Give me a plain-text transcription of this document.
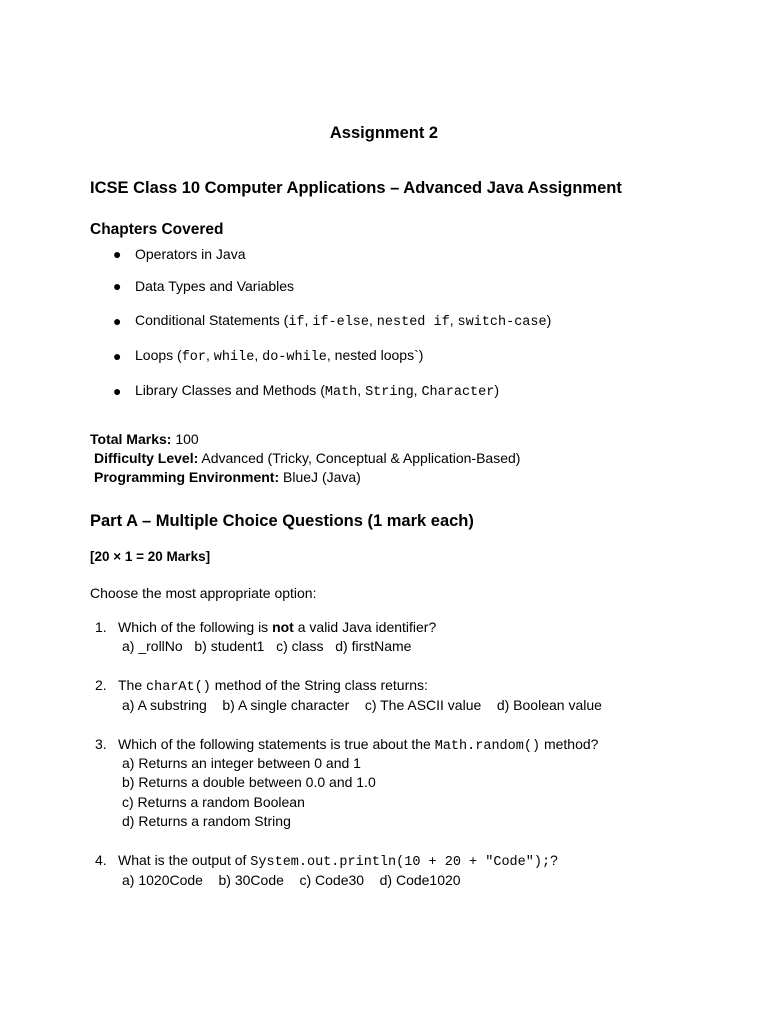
Assignment 2
ICSE Class 10 Computer Applications – Advanced Java Assignment
Chapters Covered
● Operators in Java
● Data Types and Variables
● Conditional Statements (if, if-else, nested if, switch-case)
● Loops (for, while, do-while, nested loops`)
● Library Classes and Methods (Math, String, Character)
Total Marks: 100
Difficulty Level: Advanced (Tricky, Conceptual & Application-Based)
Programming Environment: BlueJ (Java)
Part A – Multiple Choice Questions (1 mark each)
[20 × 1 = 20 Marks]
Choose the most appropriate option:
1. Which of the following is not a valid Java identifier?
a) _rollNo b) student1 c) class d) firstName
2. The charAt() method of the String class returns:
a) A substring b) A single character c) The ASCII value d) Boolean value
3. Which of the following statements is true about the Math.random() method?
a) Returns an integer between 0 and 1
b) Returns a double between 0.0 and 1.0
c) Returns a random Boolean
d) Returns a random String
4. What is the output of System.out.println(10 + 20 + "Code");?
a) 1020Code b) 30Code c) Code30 d) Code1020
